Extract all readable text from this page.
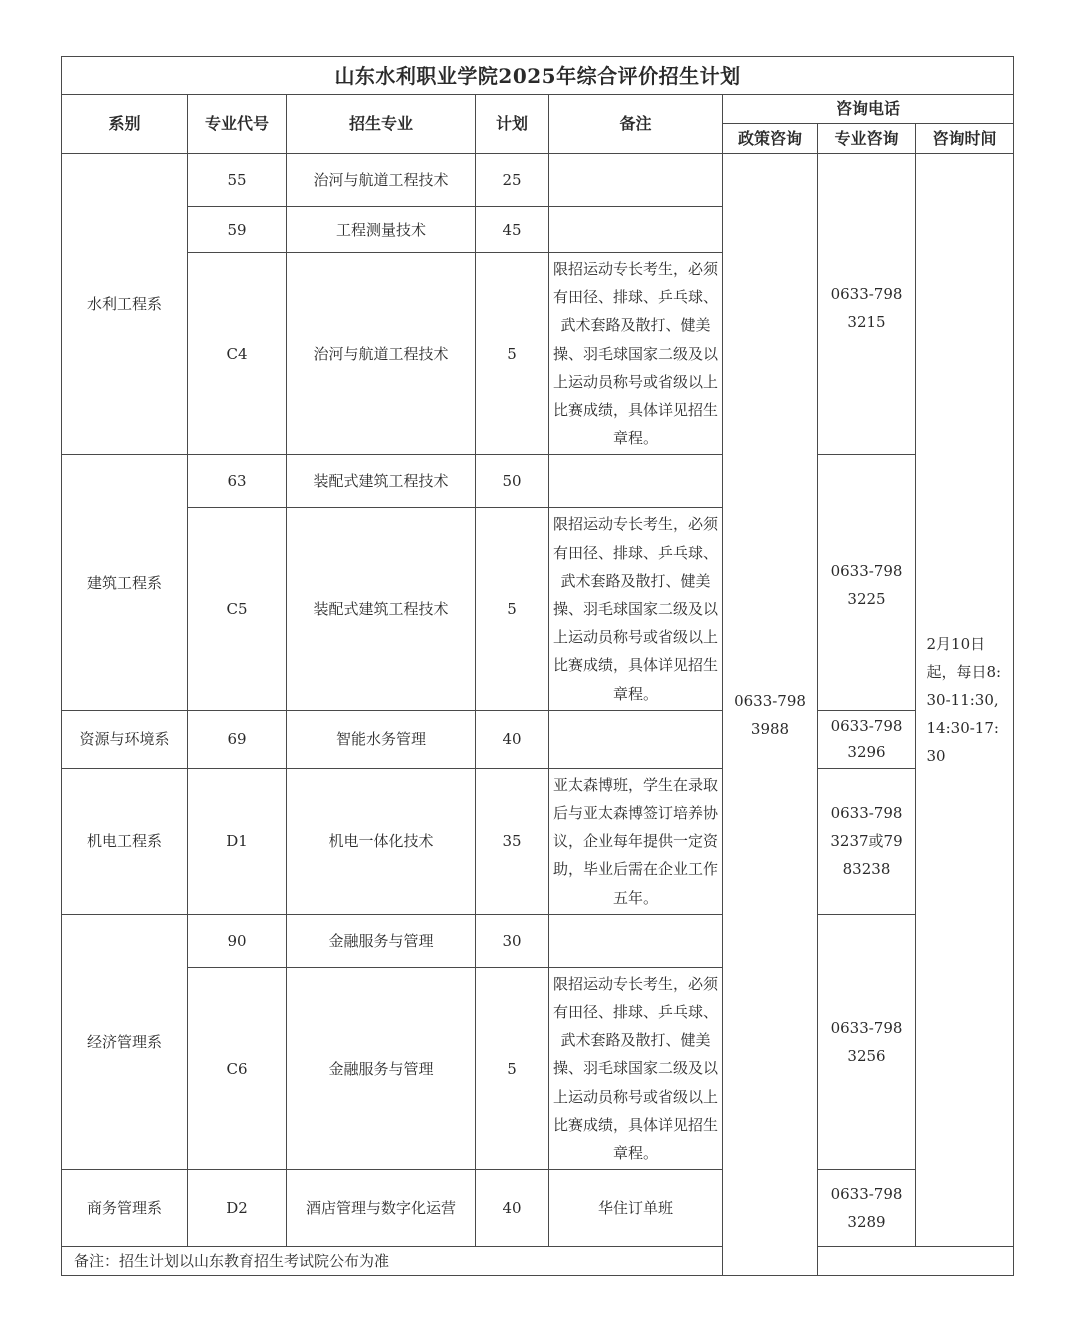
山东水利职业学院2025年综合评价招生计划								
系别	专业代号	招生专业	计划	备注	咨询电话			
					政策咨询	专业咨询	咨询时间	
水利工程系	55	治河与航道工程技术	25		0633-7983988	0633-7983215	2月10日起，每日8:30-11:30,14:30-17:30	

	59	工程测量技术	45					
	C4	治河与航道工程技术	5	限招运动专长考生，必须有田径、排球、乒乓球、武术套路及散打、健美操、羽毛球国家二级及以上运动员称号或省级以上比赛成绩，具体详见招生章程。				
建筑工程系	63	装配式建筑工程技术	50			0633-7983225		

	C5	装配式建筑工程技术	5	限招运动专长考生，必须有田径、排球、乒乓球、武术套路及散打、健美操、羽毛球国家二级及以上运动员称号或省级以上比赛成绩，具体详见招生章程。				
资源与环境系	69	智能水务管理	40			0633-7983296		

机电工程系	D1	机电一体化技术	35	亚太森博班，学生在录取后与亚太森博签订培养协议，企业每年提供一定资助，毕业后需在企业工作五年。		0633-7983237或7983238		

经济管理系	90	金融服务与管理	30			0633-7983256		

	C6	金融服务与管理	5	限招运动专长考生，必须有田径、排球、乒乓球、武术套路及散打、健美操、羽毛球国家二级及以上运动员称号或省级以上比赛成绩，具体详见招生章程。				
商务管理系	D2	酒店管理与数字化运营	40	华住订单班		0633-7983289		

备注：招生计划以山东教育招生考试院公布为准								
